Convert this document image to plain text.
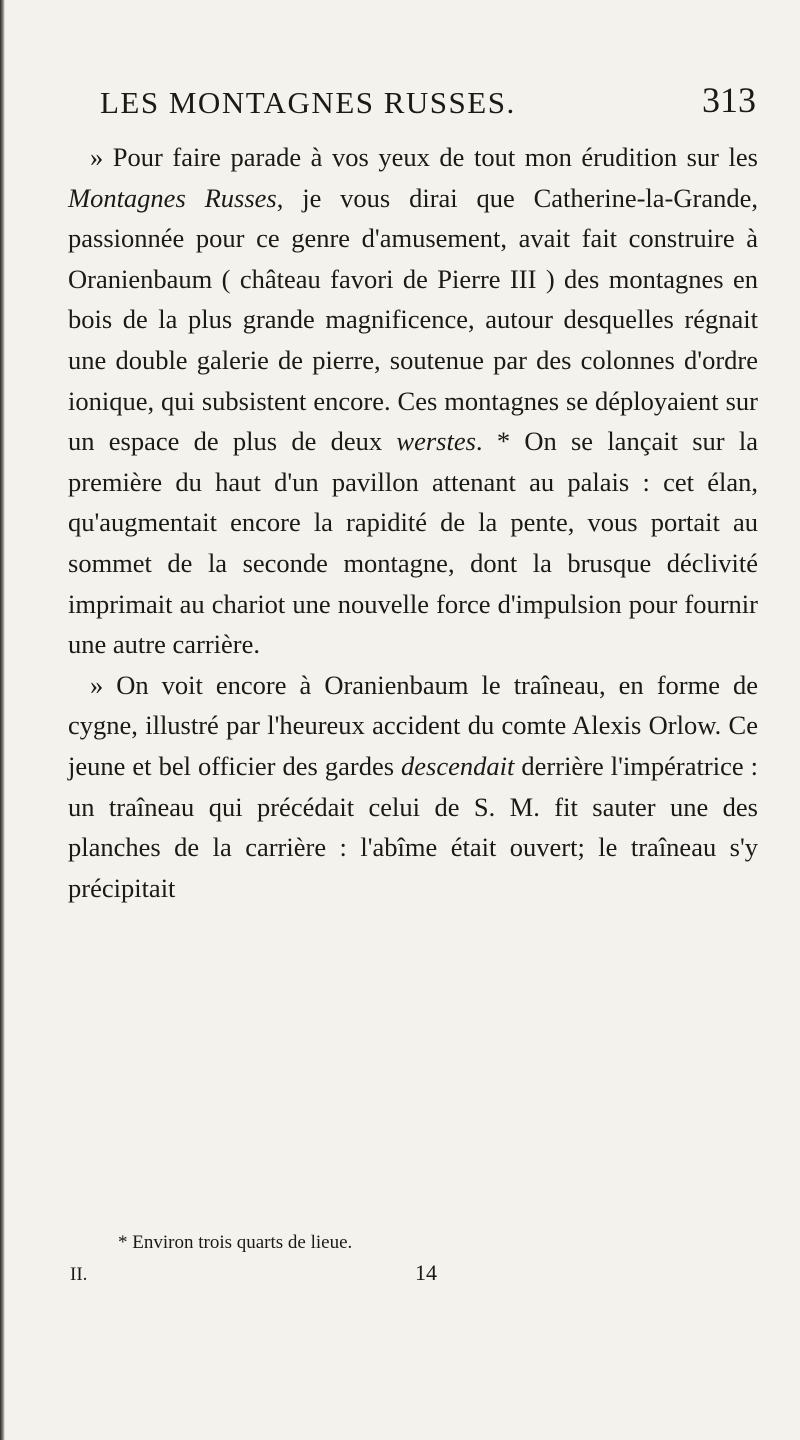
LES MONTAGNES RUSSES.	313

» Pour faire parade à vos yeux de tout mon érudition sur les Montagnes Russes, je vous dirai que Catherine-la-Grande, passionnée pour ce genre d'amusement, avait fait construire à Oranienbaum ( château favori de Pierre III ) des montagnes en bois de la plus grande magnificence, autour desquelles régnait une double galerie de pierre, soutenue par des colonnes d'ordre ionique, qui subsistent encore. Ces montagnes se déployaient sur un espace de plus de deux werstes. * On se lançait sur la première du haut d'un pavillon attenant au palais : cet élan, qu'augmentait encore la rapidité de la pente, vous portait au sommet de la seconde montagne, dont la brusque déclivité imprimait au chariot une nouvelle force d'impulsion pour fournir une autre carrière.

» On voit encore à Oranienbaum le traîneau, en forme de cygne, illustré par l'heureux accident du comte Alexis Orlow. Ce jeune et bel officier des gardes descendait derrière l'impératrice : un traîneau qui précédait celui de S. M. fit sauter une des planches de la carrière : l'abîme était ouvert; le traîneau s'y précipitait

* Environ trois quarts de lieue.
II.	14
